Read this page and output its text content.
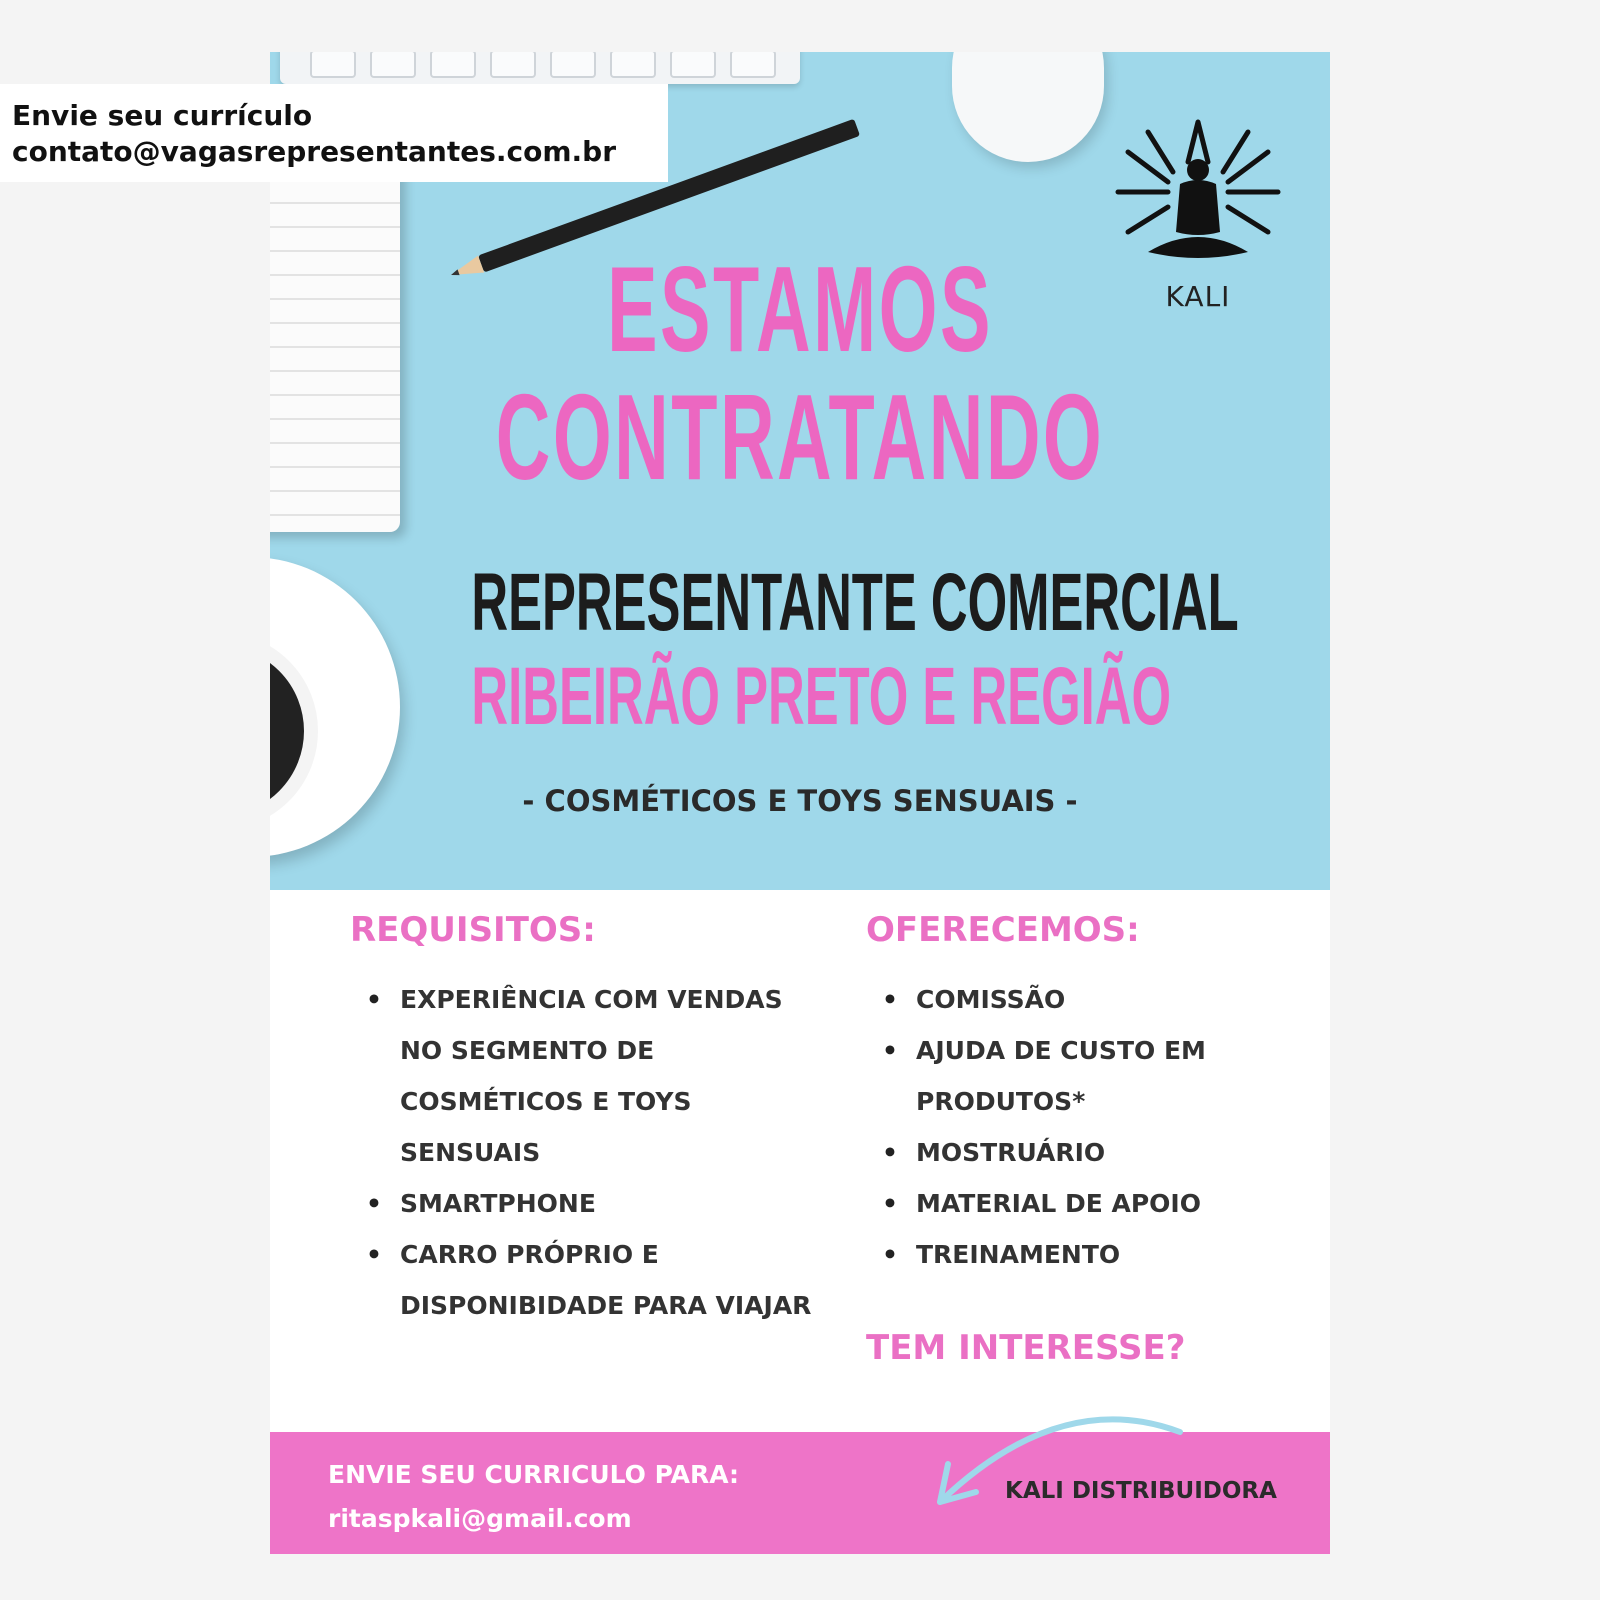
Envie seu currículo
contato@vagasrepresentantes.com.br
KALI
ESTAMOS
CONTRATANDO
REPRESENTANTE COMERCIAL
RIBEIRÃO PRETO E REGIÃO
- COSMÉTICOS E TOYS SENSUAIS -
REQUISITOS:
• EXPERIÊNCIA COM VENDAS NO SEGMENTO DE COSMÉTICOS E TOYS SENSUAIS
• SMARTPHONE
• CARRO PRÓPRIO E DISPONIBIDADE PARA VIAJAR
OFERECEMOS:
• COMISSÃO
• AJUDA DE CUSTO EM PRODUTOS*
• MOSTRUÁRIO
• MATERIAL DE APOIO
• TREINAMENTO
TEM INTERESSE?
ENVIE SEU CURRICULO PARA:
ritaspkali@gmail.com
KALI DISTRIBUIDORA
